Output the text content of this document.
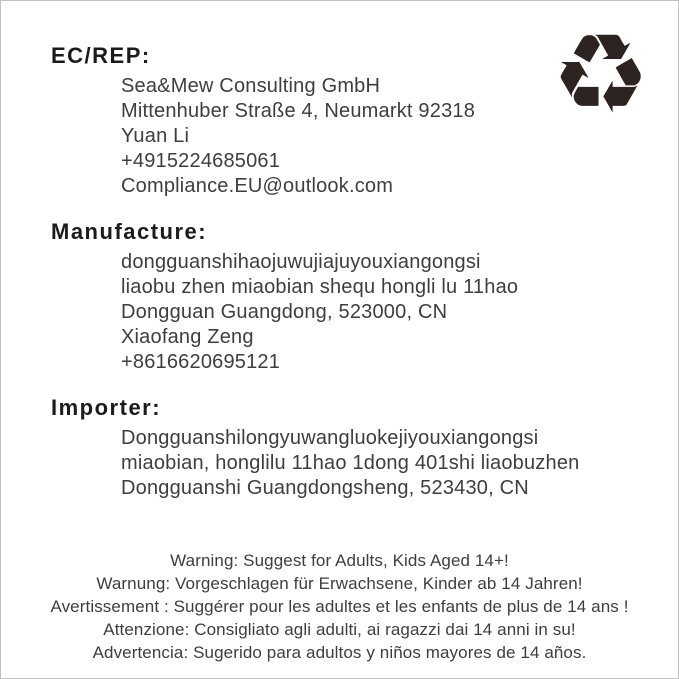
♻
EC/REP:
Sea&Mew Consulting GmbH
Mittenhuber Straße 4, Neumarkt 92318
Yuan Li
+4915224685061
Compliance.EU@outlook.com
Manufacture:
dongguanshihaojuwujiajuyouxiangongsi
liaobu zhen miaobian shequ hongli lu 11hao
Dongguan Guangdong, 523000, CN
Xiaofang Zeng
+8616620695121
Importer:
Dongguanshilongyuwangluokejiyouxiangongsi
miaobian, honglilu 11hao 1dong 401shi liaobuzhen
Dongguanshi Guangdongsheng, 523430, CN
Warning: Suggest for Adults, Kids Aged 14+!
Warnung: Vorgeschlagen für Erwachsene, Kinder ab 14 Jahren!
Avertissement : Suggérer pour les adultes et les enfants de plus de 14 ans !
Attenzione: Consigliato agli adulti, ai ragazzi dai 14 anni in su!
Advertencia: Sugerido para adultos y niños mayores de 14 años.
